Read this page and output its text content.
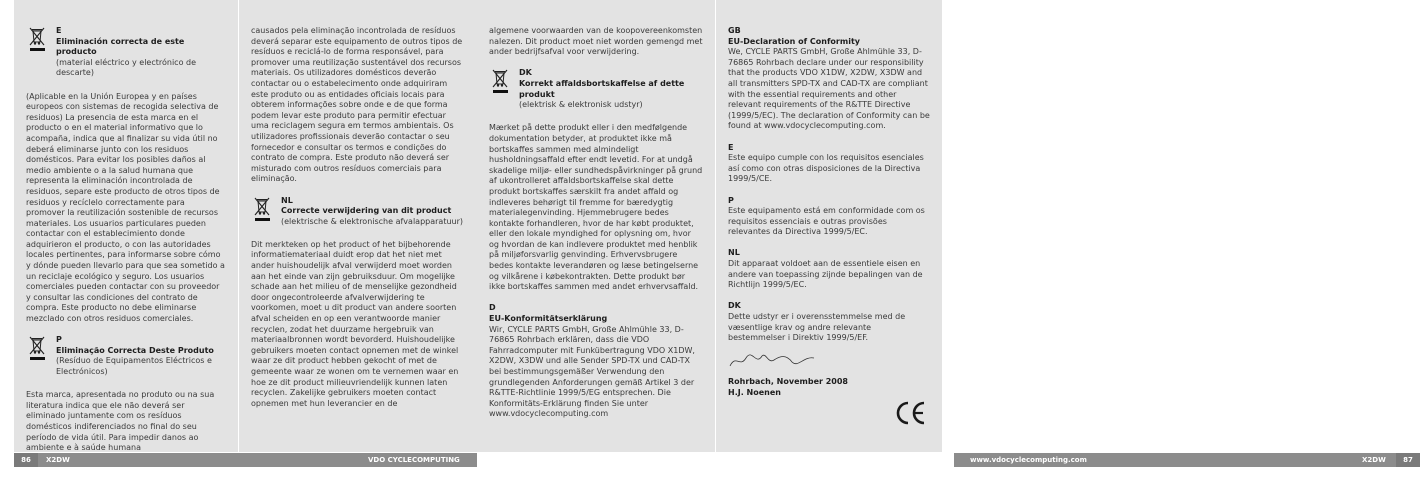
E
Eliminación correcta de este producto
(material eléctrico y electrónico de descarte)

(Aplicable en la Unión Europea y en países europeos con sistemas de recogida selectiva de residuos) La presencia de esta marca en el producto o en el material informativo que lo acompaña, indica que al finalizar su vida útil no deberá eliminarse junto con los residuos domésticos. Para evitar los posibles daños al medio ambiente o a la salud humana que representa la eliminación incontrolada de residuos, separe este producto de otros tipos de residuos y recíclelo correctamente para promover la reutilización sostenible de recursos materiales. Los usuarios particulares pueden contactar con el establecimiento donde adquirieron el producto, o con las autoridades locales pertinentes, para informarse sobre cómo y dónde pueden llevarlo para que sea sometido a un reciclaje ecológico y seguro. Los usuarios comerciales pueden contactar con su proveedor y consultar las condiciones del contrato de compra. Este producto no debe eliminarse mezclado con otros residuos comerciales.

P
Eliminação Correcta Deste Produto
(Resíduo de Equipamentos Eléctricos e Electrónicos)

Esta marca, apresentada no produto ou na sua literatura indica que ele não deverá ser eliminado juntamente com os resíduos domésticos indiferenciados no final do seu período de vida útil. Para impedir danos ao ambiente e à saúde humana

causados pela eliminação incontrolada de resíduos deverá separar este equipamento de outros tipos de resíduos e reciclá-lo de forma responsável, para promover uma reutilização sustentável dos recursos materiais. Os utilizadores domésticos deverão contactar ou o estabelecimento onde adquiriram este produto ou as entidades oficiais locais para obterem informações sobre onde e de que forma podem levar este produto para permitir efectuar uma reciclagem segura em termos ambientais. Os utilizadores profissionais deverão contactar o seu fornecedor e consultar os termos e condições do contrato de compra. Este produto não deverá ser misturado com outros resíduos comerciais para eliminação.

NL
Correcte verwijdering van dit product
(elektrische & elektronische afvalapparatuur)

Dit merkteken op het product of het bijbehorende informatiemateriaal duidt erop dat het niet met ander huishoudelijk afval verwijderd moet worden aan het einde van zijn gebruiksduur. Om mogelijke schade aan het milieu of de menselijke gezondheid door ongecontroleerde afvalverwijdering te voorkomen, moet u dit product van andere soorten afval scheiden en op een verantwoorde manier recyclen, zodat het duurzame hergebruik van materiaalbronnen wordt bevorderd. Huishoudelijke gebruikers moeten contact opnemen met de winkel waar ze dit product hebben gekocht of met de gemeente waar ze wonen om te vernemen waar en hoe ze dit product milieuvriendelijk kunnen laten recyclen. Zakelijke gebruikers moeten contact opnemen met hun leverancier en de

86	X2DW	VDO CYCLECOMPUTING

algemene voorwaarden van de koopovereenkomsten nalezen. Dit product moet niet worden gemengd met ander bedrijfsafval voor verwijdering.

DK
Korrekt affaldsbortskaffelse af dette produkt
(elektrisk & elektronisk udstyr)

Mærket på dette produkt eller i den medfølgende dokumentation betyder, at produktet ikke må bortskaffes sammen med almindeligt husholdningsaffald efter endt levetid. For at undgå skadelige miljø- eller sundhedspåvirkninger på grund af ukontrolleret affaldsbortskaffelse skal dette produkt bortskaffes særskilt fra andet affald og indleveres behørigt til fremme for bæredygtig materialegenvinding. Hjemmebrugere bedes kontakte forhandleren, hvor de har købt produktet, eller den lokale myndighed for oplysning om, hvor og hvordan de kan indlevere produktet med henblik på miljøforsvarlig genvinding. Erhvervsbrugere bedes kontakte leverandøren og læse betingelserne og vilkårene i købekontrakten. Dette produkt bør ikke bortskaffes sammen med andet erhvervsaffald.

D
EU-Konformitätserklärung

Wir, CYCLE PARTS GmbH, Große Ahlmühle 33, D-76865 Rohrbach erklären, dass die VDO Fahrradcomputer mit Funkübertragung VDO X1DW, X2DW, X3DW und alle Sender SPD-TX und CAD-TX bei bestimmungsgemäßer Verwendung den grundlegenden Anforderungen gemäß Artikel 3 der R&TTE-Richtlinie 1999/5/EG entsprechen. Die Konformitäts-Erklärung finden Sie unter www.vdocyclecomputing.com

GB
EU-Declaration of Conformity

We, CYCLE PARTS GmbH, Große Ahlmühle 33, D-76865 Rohrbach declare under our responsibility that the products VDO X1DW, X2DW, X3DW and all transmitters SPD-TX and CAD-TX are compliant with the essential requirements and other relevant requirements of the R&TTE Directive (1999/5/EC). The declaration of Conformity can be found at www.vdocyclecomputing.com.

E

Este equipo cumple con los requisitos esenciales así como con otras disposiciones de la Directiva 1999/5/CE.

P

Este equipamento está em conformidade com os requisitos essenciais e outras provisões relevantes da Directiva 1999/5/EC.

NL

Dit apparaat voldoet aan de essentiele eisen en andere van toepassing zijnde bepalingen van de Richtlijn 1999/5/EC.

DK

Dette udstyr er i overensstemmelse med de væsentlige krav og andre relevante bestemmelser i Direktiv 1999/5/EF.

Rohrbach, November 2008
H.J. Noenen
www.vdocyclecomputing.com	X2DW	87
